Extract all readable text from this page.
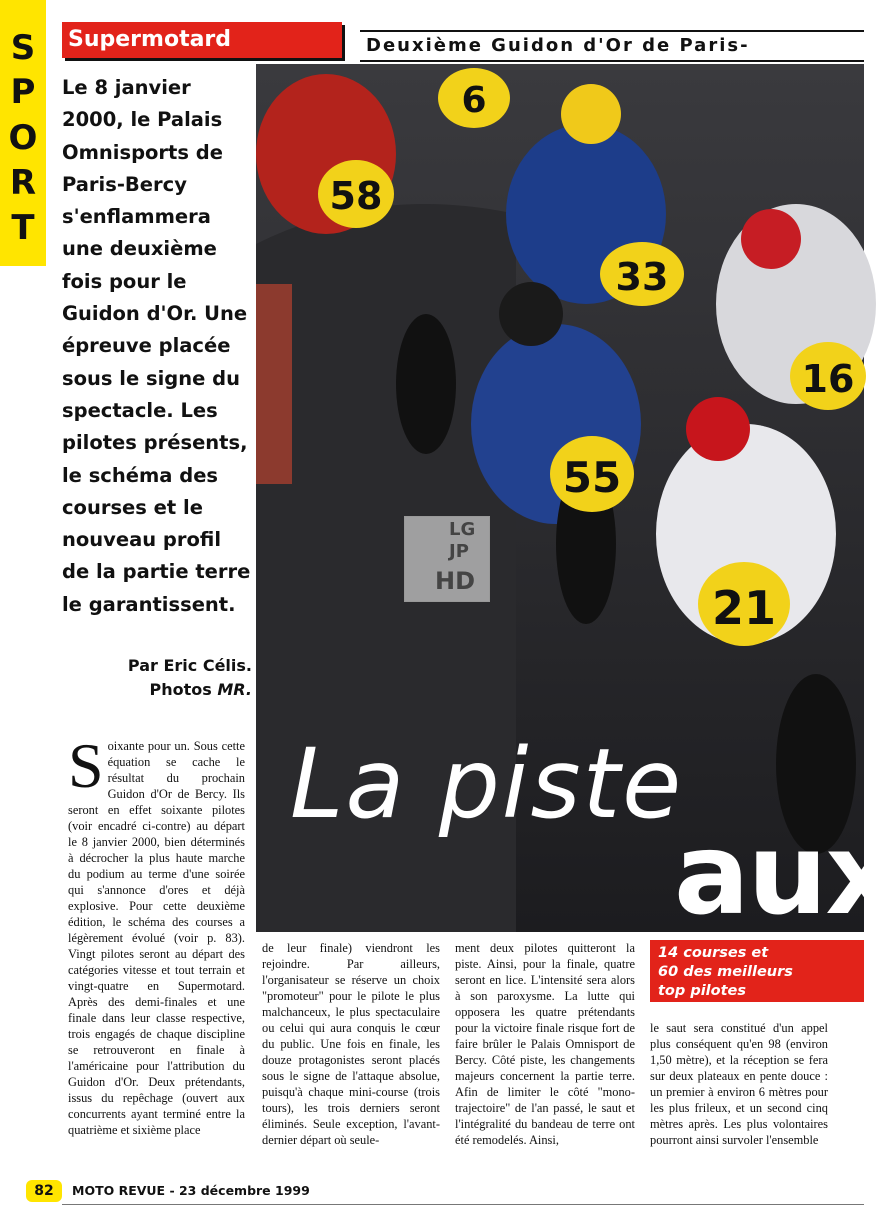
S
P
O
R
T
Supermotard	Deuxième Guidon d'Or de Paris-
Le 8 janvier 2000, le Palais Omnisports de Paris-Bercy s'enflammera une deuxième fois pour le Guidon d'Or. Une épreuve placée sous le signe du spectacle. Les pilotes présents, le schéma des courses et le nouveau profil de la partie terre le garantissent.
Par Eric Célis.
Photos MR.
58
6
33
16
55
21
LG
JP
HD
La piste
aux
Soixante pour un. Sous cette équation se cache le résultat du prochain Guidon d'Or de Bercy. Ils seront en effet soixante pilotes (voir encadré ci-contre) au départ le 8 janvier 2000, bien déterminés à décrocher la plus haute marche du podium au terme d'une soirée qui s'annonce d'ores et déjà explosive. Pour cette deuxième édition, le schéma des courses a légèrement évolué (voir p. 83). Vingt pilotes seront au départ des catégories vitesse et tout terrain et vingt-quatre en Supermotard. Après des demi-finales et une finale dans leur classe respective, trois engagés de chaque discipline se retrouveront en finale à l'américaine pour l'attribution du Guidon d'Or. Deux prétendants, issus du repêchage (ouvert aux concurrents ayant terminé entre la quatrième et sixième place
de leur finale) viendront les rejoindre. Par ailleurs, l'organisateur se réserve un choix "promoteur" pour le pilote le plus malchanceux, le plus spectaculaire ou celui qui aura conquis le cœur du public. Une fois en finale, les douze protagonistes seront placés sous le signe de l'attaque absolue, puisqu'à chaque mini-course (trois tours), les trois derniers seront éliminés. Seule exception, l'avant-dernier départ où seule-
ment deux pilotes quitteront la piste. Ainsi, pour la finale, quatre seront en lice. L'intensité sera alors à son paroxysme. La lutte qui opposera les quatre prétendants pour la victoire finale risque fort de faire brûler le Palais Omnisport de Bercy. Côté piste, les changements majeurs concernent la partie terre. Afin de limiter le côté "mono-trajectoire" de l'an passé, le saut et l'intégralité du bandeau de terre ont été remodelés. Ainsi,
14 courses et
60 des meilleurs
top pilotes
le saut sera constitué d'un appel plus conséquent qu'en 98 (environ 1,50 mètre), et la réception se fera sur deux plateaux en pente douce : un premier à environ 6 mètres pour les plus frileux, et un second cinq mètres après. Les plus volontaires pourront ainsi survoler l'ensemble
82	MOTO REVUE - 23 décembre 1999
